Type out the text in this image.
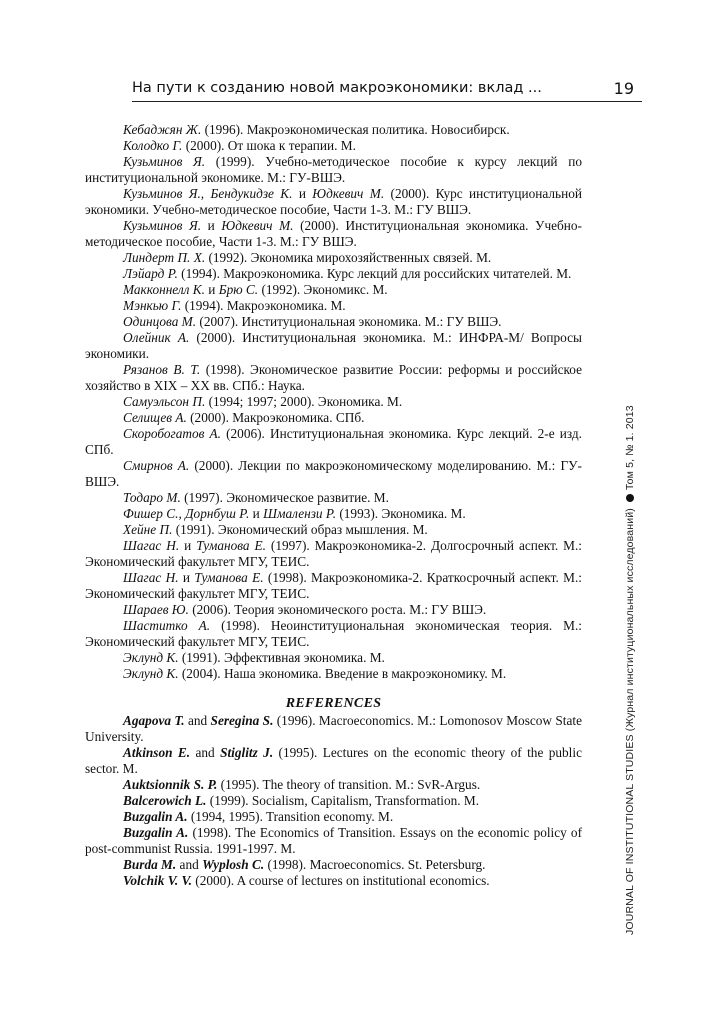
На пути к созданию новой макроэкономики: вклад ...	19
JOURNAL OF INSTITUTIONAL STUDIES (Журнал институциональных исследований)Том 5, № 1. 2013

Кебаджян Ж. (1996). Макроэкономическая политика. Новосибирск.

Колодко Г. (2000). От шока к терапии. М.

Кузьминов Я. (1999). Учебно-методическое пособие к курсу лекций по институциональной экономике. М.: ГУ-ВШЭ.

Кузьминов Я., Бендукидзе К. и Юдкевич М. (2000). Курс институциональной экономики. Учебно-методическое пособие, Части 1-3. М.: ГУ ВШЭ.

Кузьминов Я. и Юдкевич М. (2000). Институциональная экономика. Учебно-методическое пособие, Части 1-3. М.: ГУ ВШЭ.

Линдерт П. Х. (1992). Экономика мирохозяйственных связей. М.

Лэйард Р. (1994). Макроэкономика. Курс лекций для российских читателей. М.

Макконнелл К. и Брю С. (1992). Экономикс. М.

Мэнкью Г. (1994). Макроэкономика. М.

Одинцова М. (2007). Институциональная экономика. М.: ГУ ВШЭ.

Олейник А. (2000). Институциональная экономика. М.: ИНФРА-М/ Вопросы экономики.

Рязанов В. Т. (1998). Экономическое развитие России: реформы и российское хозяйство в XIX – XX вв. СПб.: Наука.

Самуэльсон П. (1994; 1997; 2000). Экономика. М.

Селищев А. (2000). Макроэкономика. СПб.

Скоробогатов А. (2006). Институциональная экономика. Курс лекций. 2-е изд. СПб.

Смирнов А. (2000). Лекции по макроэкономическому моделированию. М.: ГУ-ВШЭ.

Тодаро М. (1997). Экономическое развитие. М.

Фишер С., Дорнбуш Р. и Шмалензи Р. (1993). Экономика. М.

Хейне П. (1991). Экономический образ мышления. М.

Шагас Н. и Туманова Е. (1997). Макроэкономика-2. Долгосрочный аспект. М.: Экономический факультет МГУ, ТЕИС.

Шагас Н. и Туманова Е. (1998). Макроэкономика-2. Краткосрочный аспект. М.: Экономический факультет МГУ, ТЕИС.

Шараев Ю. (2006). Теория экономического роста. М.: ГУ ВШЭ.

Шаститко А. (1998). Неоинституциональная экономическая теория. М.: Экономический факультет МГУ, ТЕИС.

Эклунд К. (1991). Эффективная экономика. М.

Эклунд К. (2004). Наша экономика. Введение в макроэкономику. М.

REFERENCES

Agapova T. and Seregina S. (1996). Macroeconomics. M.: Lomonosov Moscow State University.

Atkinson E. and Stiglitz J. (1995). Lectures on the economic theory of the public sector. M.

Auktsionnik S. P. (1995). The theory of transition. M.: SvR-Argus.

Balcerowich L. (1999). Socialism, Capitalism, Transformation. M.

Buzgalin A. (1994, 1995). Transition economy. M.

Buzgalin A. (1998). The Economics of Transition. Essays on the economic policy of post-communist Russia. 1991-1997. M.

Burda M. and Wyplosh C. (1998). Macroeconomics. St. Petersburg.

Volchik V. V. (2000). A course of lectures on institutional economics.
